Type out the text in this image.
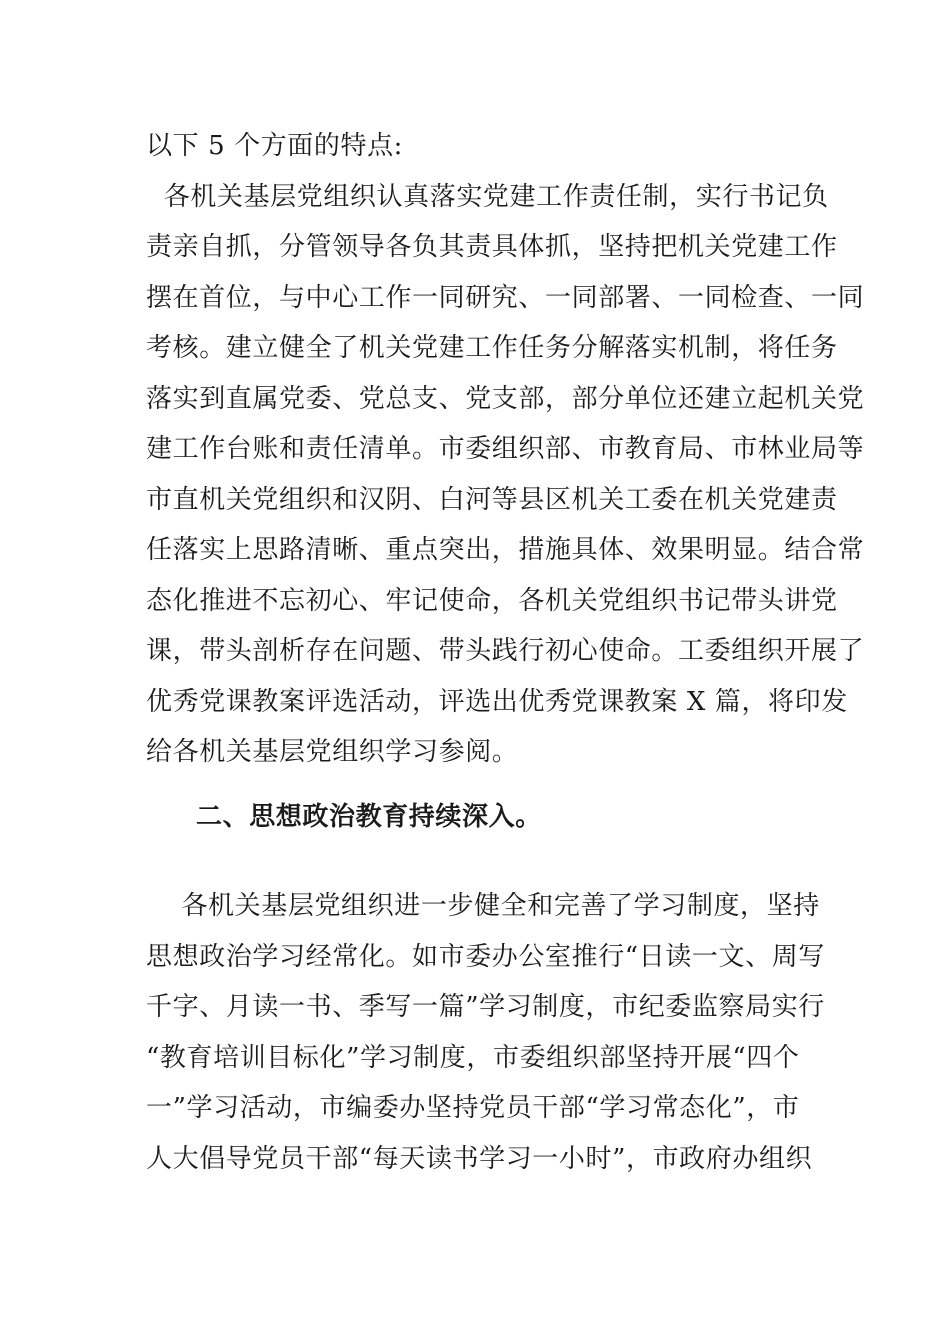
以下 5 个方面的特点:
各机关基层党组织认真落实党建工作责任制，实行书记负
责亲自抓，分管领导各负其责具体抓，坚持把机关党建工作
摆在首位，与中心工作一同研究、一同部署、一同检查、一同
考核。建立健全了机关党建工作任务分解落实机制，将任务
落实到直属党委、党总支、党支部，部分单位还建立起机关党
建工作台账和责任清单。市委组织部、市教育局、市林业局等
市直机关党组织和汉阴、白河等县区机关工委在机关党建责
任落实上思路清晰、重点突出，措施具体、效果明显。结合常
态化推进不忘初心、牢记使命，各机关党组织书记带头讲党
课，带头剖析存在问题、带头践行初心使命。工委组织开展了
优秀党课教案评选活动，评选出优秀党课教案 X 篇，将印发
给各机关基层党组织学习参阅。
二、思想政治教育持续深入。
各机关基层党组织进一步健全和完善了学习制度，坚持
思想政治学习经常化。如市委办公室推行“日读一文、周写
千字、月读一书、季写一篇”学习制度，市纪委监察局实行
“教育培训目标化”学习制度，市委组织部坚持开展“四个
一”学习活动，市编委办坚持党员干部“学习常态化”，市
人大倡导党员干部“每天读书学习一小时”，市政府办组织
